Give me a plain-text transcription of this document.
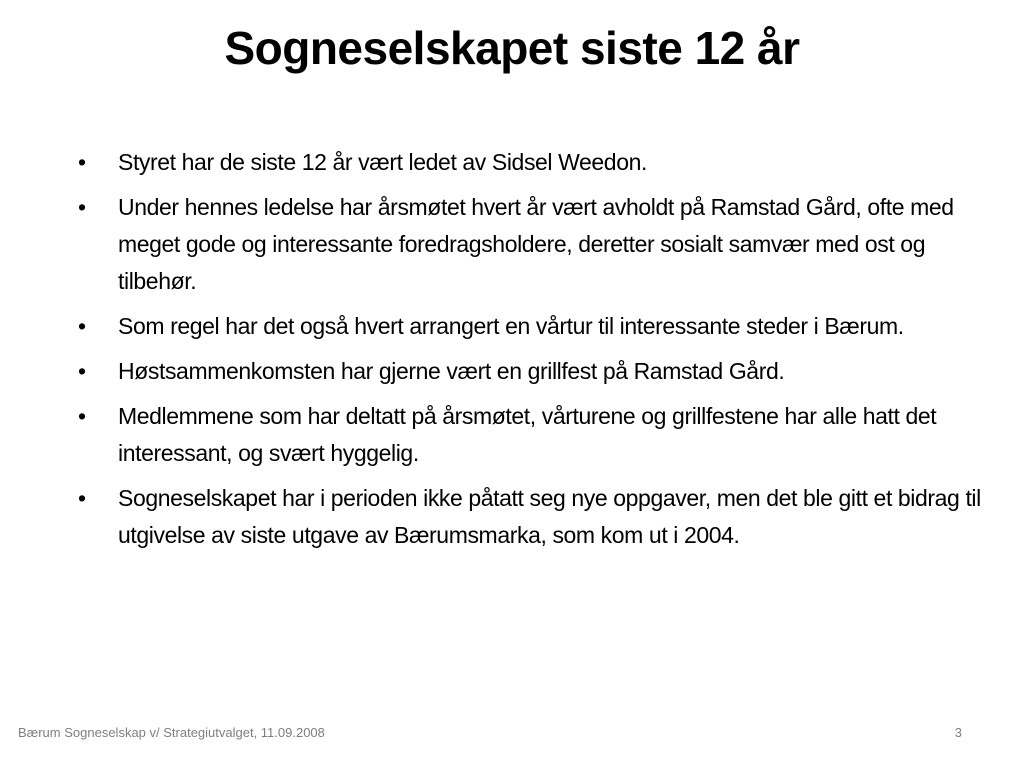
Sogneselskapet siste 12 år
• Styret har de siste 12 år vært ledet av Sidsel Weedon.
• Under hennes ledelse har årsmøtet hvert år vært avholdt på Ramstad Gård, ofte med meget gode og interessante foredragsholdere, deretter sosialt samvær med ost og tilbehør.
• Som regel har det også hvert arrangert en vårtur til interessante steder i Bærum.
• Høstsammenkomsten har gjerne vært en grillfest på Ramstad Gård.
• Medlemmene som har deltatt på årsmøtet, vårturene og grillfestene har alle hatt det interessant, og svært hyggelig.
• Sogneselskapet har i perioden ikke påtatt seg nye oppgaver, men det ble gitt et bidrag til utgivelse av siste utgave av Bærumsmarka, som kom ut i 2004.
Bærum Sogneselskap v/ Strategiutvalget, 11.09.2008	3
